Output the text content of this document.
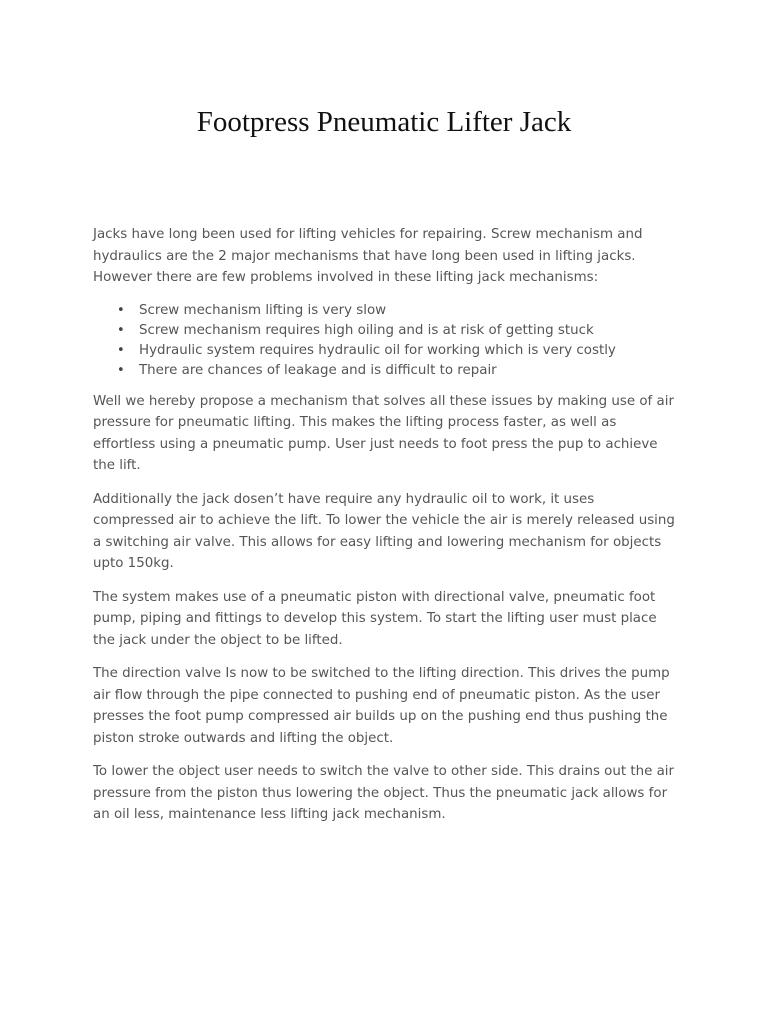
Footpress Pneumatic Lifter Jack

Jacks have long been used for lifting vehicles for repairing. Screw mechanism and hydraulics are the 2 major mechanisms that have long been used in lifting jacks. However there are few problems involved in these lifting jack mechanisms:

• Screw mechanism lifting is very slow
• Screw mechanism requires high oiling and is at risk of getting stuck
• Hydraulic system requires hydraulic oil for working which is very costly
• There are chances of leakage and is difficult to repair

Well we hereby propose a mechanism that solves all these issues by making use of air pressure for pneumatic lifting. This makes the lifting process faster, as well as effortless using a pneumatic pump. User just needs to foot press the pup to achieve the lift.

Additionally the jack dosen’t have require any hydraulic oil to work, it uses compressed air to achieve the lift. To lower the vehicle the air is merely released using a switching air valve. This allows for easy lifting and lowering mechanism for objects upto 150kg.

The system makes use of a pneumatic piston with directional valve, pneumatic foot pump, piping and fittings to develop this system. To start the lifting user must place the jack under the object to be lifted.

The direction valve Is now to be switched to the lifting direction. This drives the pump air flow through the pipe connected to pushing end of pneumatic piston. As the user presses the foot pump compressed air builds up on the pushing end thus pushing the piston stroke outwards and lifting the object.

To lower the object user needs to switch the valve to other side. This drains out the air pressure from the piston thus lowering the object. Thus the pneumatic jack allows for an oil less, maintenance less lifting jack mechanism.
